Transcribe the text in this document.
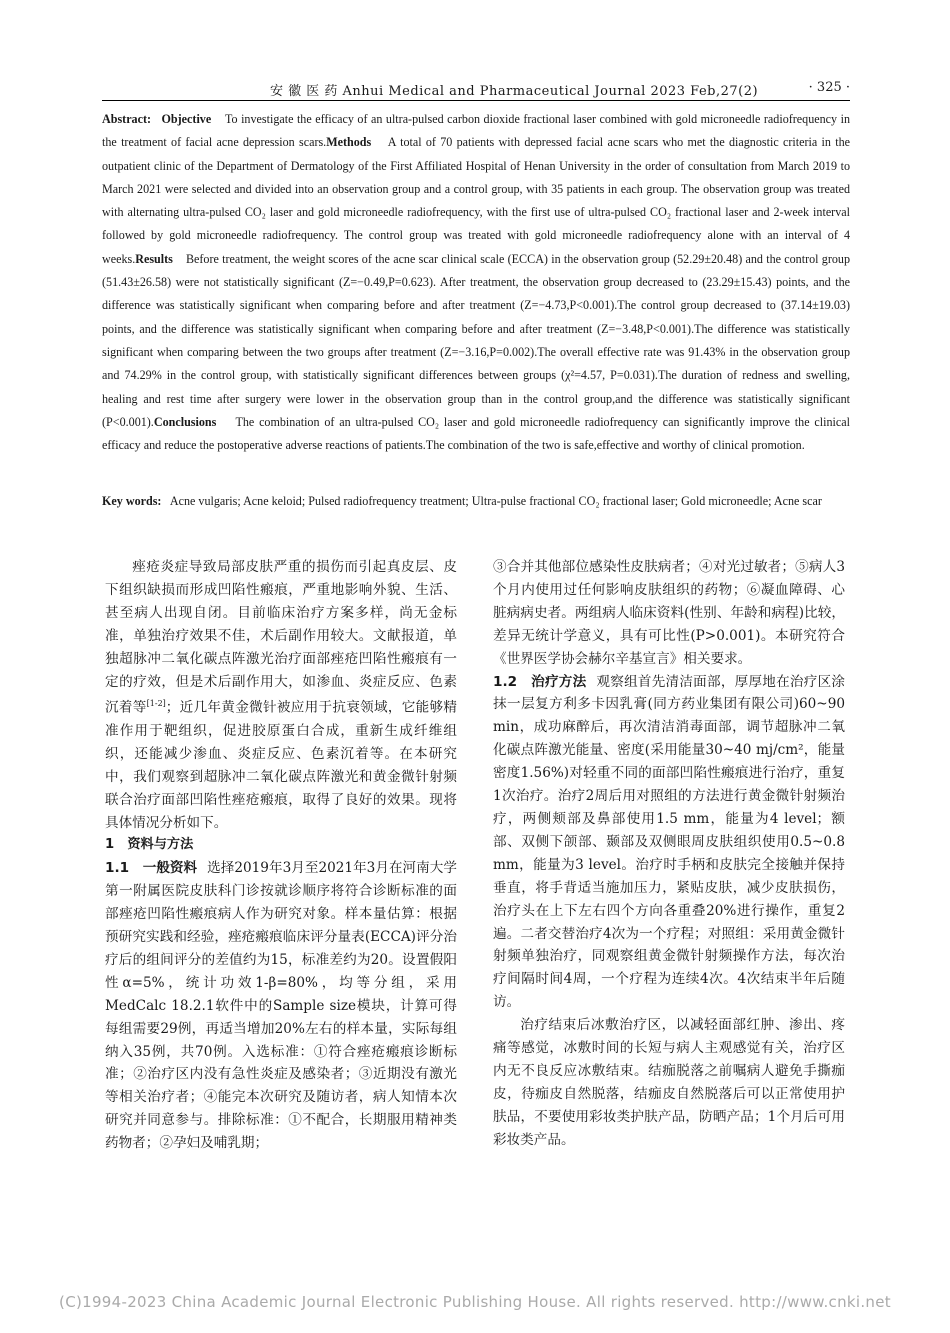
安 徽 医 药 Anhui Medical and Pharmaceutical Journal 2023 Feb,27(2)	· 325 ·
Abstract: Objective To investigate the efficacy of an ultra-pulsed carbon dioxide fractional laser combined with gold microneedle radiofrequency in the treatment of facial acne depression scars.Methods A total of 70 patients with depressed facial acne scars who met the diagnostic criteria in the outpatient clinic of the Department of Dermatology of the First Affiliated Hospital of Henan University in the order of consultation from March 2019 to March 2021 were selected and divided into an observation group and a control group, with 35 patients in each group. The observation group was treated with alternating ultra-pulsed CO₂ laser and gold microneedle radiofrequency, with the first use of ultra-pulsed CO₂ fractional laser and 2-week interval followed by gold microneedle radiofrequency. The control group was treated with gold microneedle radiofrequency alone with an interval of 4 weeks.Results Before treatment, the weight scores of the acne scar clinical scale (ECCA) in the observation group (52.29±20.48) and the control group (51.43±26.58) were not statistically significant (Z=−0.49,P=0.623). After treatment, the observation group decreased to (23.29±15.43) points, and the difference was statistically significant when comparing before and after treatment (Z=−4.73,P<0.001).The control group decreased to (37.14±19.03) points, and the difference was statistically significant when comparing before and after treatment (Z=−3.48,P<0.001).The difference was statistically significant when comparing between the two groups after treatment (Z=−3.16,P=0.002).The overall effective rate was 91.43% in the observation group and 74.29% in the control group, with statistically significant differences between groups (χ²=4.57, P=0.031).The duration of redness and swelling, healing and rest time after surgery were lower in the observation group than in the control group,and the difference was statistically significant (P<0.001).Conclusions The combination of an ultra-pulsed CO₂ laser and gold microneedle radiofrequency can significantly improve the clinical efficacy and reduce the postoperative adverse reactions of patients.The combination of the two is safe,effective and worthy of clinical promotion.
Key words: Acne vulgaris; Acne keloid; Pulsed radiofrequency treatment; Ultra-pulse fractional CO₂ fractional laser; Gold microneedle; Acne scar

痤疮炎症导致局部皮肤严重的损伤而引起真皮层、皮下组织缺损而形成凹陷性瘢痕，严重地影响外貌、生活、甚至病人出现自闭。目前临床治疗方案多样，尚无金标准，单独治疗效果不佳，术后副作用较大。文献报道，单独超脉冲二氧化碳点阵激光治疗面部痤疮凹陷性瘢痕有一定的疗效，但是术后副作用大，如渗血、炎症反应、色素沉着等[1-2]；近几年黄金微针被应用于抗衰领域，它能够精准作用于靶组织，促进胶原蛋白合成，重新生成纤维组织，还能减少渗血、炎症反应、色素沉着等。在本研究中，我们观察到超脉冲二氧化碳点阵激光和黄金微针射频联合治疗面部凹陷性痤疮瘢痕，取得了良好的效果。现将具体情况分析如下。

1　资料与方法

1.1　一般资料 选择2019年3月至2021年3月在河南大学第一附属医院皮肤科门诊按就诊顺序将符合诊断标准的面部痤疮凹陷性瘢痕病人作为研究对象。样本量估算：根据预研究实践和经验，痤疮瘢痕临床评分量表(ECCA)评分治疗后的组间评分的差值约为15，标准差约为20。设置假阳性α=5%，统计功效1-β=80%，均等分组，采用MedCalc 18.2.1软件中的Sample size模块，计算可得每组需要29例，再适当增加20%左右的样本量，实际每组纳入35例，共70例。入选标准：①符合痤疮瘢痕诊断标准；②治疗区内没有急性炎症及感染者；③近期没有激光等相关治疗者；④能完本次研究及随访者，病人知情本次研究并同意参与。排除标准：①不配合，长期服用精神类药物者；②孕妇及哺乳期；

③合并其他部位感染性皮肤病者；④对光过敏者；⑤病人3个月内使用过任何影响皮肤组织的药物；⑥凝血障碍、心脏病病史者。两组病人临床资料(性别、年龄和病程)比较，差异无统计学意义，具有可比性(P>0.001)。本研究符合《世界医学协会赫尔辛基宣言》相关要求。

1.2　治疗方法 观察组首先清洁面部，厚厚地在治疗区涂抹一层复方利多卡因乳膏(同方药业集团有限公司)60~90 min，成功麻醉后，再次清洁消毒面部，调节超脉冲二氧化碳点阵激光能量、密度(采用能量30~40 mj/cm²，能量密度1.56%)对轻重不同的面部凹陷性瘢痕进行治疗，重复1次治疗。治疗2周后用对照组的方法进行黄金微针射频治疗，两侧颊部及鼻部使用1.5 mm，能量为4 level；额部、双侧下颌部、颞部及双侧眼周皮肤组织使用0.5~0.8 mm，能量为3 level。治疗时手柄和皮肤完全接触并保持垂直，将手背适当施加压力，紧贴皮肤，减少皮肤损伤，治疗头在上下左右四个方向各重叠20%进行操作，重复2遍。二者交替治疗4次为一个疗程；对照组：采用黄金微针射频单独治疗，同观察组黄金微针射频操作方法，每次治疗间隔时间4周，一个疗程为连续4次。4次结束半年后随访。

治疗结束后冰敷治疗区，以减轻面部红肿、渗出、疼痛等感觉，冰敷时间的长短与病人主观感觉有关，治疗区内无不良反应冰敷结束。结痂脱落之前嘱病人避免手撕痂皮，待痂皮自然脱落，结痂皮自然脱落后可以正常使用护肤品，不要使用彩妆类护肤产品，防晒产品；1个月后可用彩妆类产品。

(C)1994-2023 China Academic Journal Electronic Publishing House. All rights reserved. http://www.cnki.net
